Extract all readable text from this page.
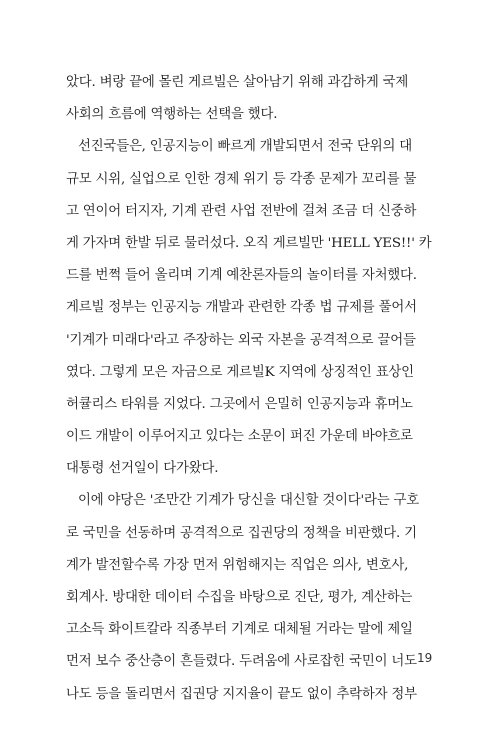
았다. 벼랑 끝에 몰린 게르빌은 살아남기 위해 과감하게 국제
사회의 흐름에 역행하는 선택을 했다.
선진국들은, 인공지능이 빠르게 개발되면서 전국 단위의 대
규모 시위, 실업으로 인한 경제 위기 등 각종 문제가 꼬리를 물
고 연이어 터지자, 기계 관련 사업 전반에 걸쳐 조금 더 신중하
게 가자며 한발 뒤로 물러섰다. 오직 게르빌만 'HELL YES!!' 카
드를 번쩍 들어 올리며 기계 예찬론자들의 놀이터를 자처했다.
게르빌 정부는 인공지능 개발과 관련한 각종 법 규제를 풀어서
'기계가 미래다'라고 주장하는 외국 자본을 공격적으로 끌어들
였다. 그렇게 모은 자금으로 게르빌K 지역에 상징적인 표상인
허큘리스 타워를 지었다. 그곳에서 은밀히 인공지능과 휴머노
이드 개발이 이루어지고 있다는 소문이 퍼진 가운데 바야흐로
대통령 선거일이 다가왔다.
이에 야당은 '조만간 기계가 당신을 대신할 것이다'라는 구호
로 국민을 선동하며 공격적으로 집권당의 정책을 비판했다. 기
계가 발전할수록 가장 먼저 위험해지는 직업은 의사, 변호사,
회계사. 방대한 데이터 수집을 바탕으로 진단, 평가, 계산하는
고소득 화이트칼라 직종부터 기계로 대체될 거라는 말에 제일
먼저 보수 중산층이 흔들렸다. 두려움에 사로잡힌 국민이 너도
나도 등을 돌리면서 집권당 지지율이 끝도 없이 추락하자 정부
19
